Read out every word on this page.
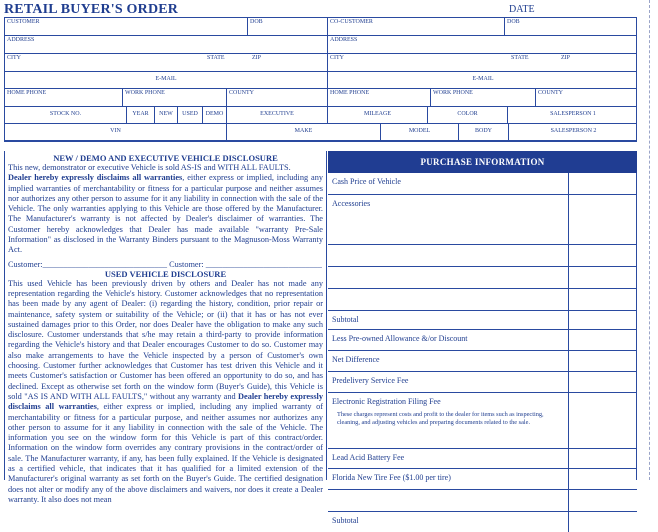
RETAIL BUYER'S ORDER	DATE
CUSTOMER	DOB	CO-CUSTOMER	DOB
ADDRESS	ADDRESS
CITY	STATE	ZIP	CITY	STATE	ZIP
E-MAIL	E-MAIL
HOME PHONE	WORK PHONE	COUNTY	HOME PHONE	WORK PHONE	COUNTY
STOCK NO.	YEAR	NEW	USED	DEMO	EXECUTIVE	MILEAGE	COLOR	SALESPERSON 1
VIN	MAKE	MODEL	BODY	SALESPERSON 2
NEW / DEMO AND EXECUTIVE VEHICLE DISCLOSURE
This new, demonstrator or executive Vehicle is sold AS-IS and WITH ALL FAULTS.
Dealer hereby expressly disclaims all warranties, either express or implied, including any implied warranties of merchantability or fitness for a particular purpose and neither assumes nor authorizes any other person to assume for it any liability in connection with the sale of the Vehicle. The only warranties applying to this Vehicle are those offered by the Manufacturer. The Manufacturer's warranty is not affected by Dealer's disclaimer of warranties. The Customer hereby acknowledges that Dealer has made available "warranty Pre-Sale Information" as disclosed in the Warranty Binders pursuant to the Magnuson-Moss Warranty Act.
Customer:______________________________ Customer: ____________________________
USED VEHICLE DISCLOSURE
This used Vehicle has been previously driven by others and Dealer has not made any representation regarding the Vehicle's history. Customer acknowledges that no representation has been made by any agent of Dealer: (i) regarding the history, condition, prior repair or maintenance, safety system or suitability of the Vehicle; or (ii) that it has or has not ever sustained damages prior to this Order, nor does Dealer have the obligation to make any such disclosure. Customer understands that s/he may retain a third-party to provide information regarding the Vehicle's history and that Dealer encourages Customer to do so. Customer may also make arrangements to have the Vehicle inspected by a person of Customer's own choosing. Customer further acknowledges that Customer has test driven this Vehicle and it meets Customer's satisfaction or Customer has been offered an opportunity to do so, and has declined. Except as otherwise set forth on the window form (Buyer's Guide), this Vehicle is sold "AS IS AND WITH ALL FAULTS," without any warranty and Dealer hereby expressly disclaims all warranties, either express or implied, including any implied warranty of merchantability or fitness for a particular purpose, and neither assumes nor authorizes any other person to assume for it any liability in connection with the sale of the Vehicle. The information you see on the window form for this Vehicle is part of this contract/order. Information on the window form overrides any contrary provisions in the contract/order of sale. The Manufacturer warranty, if any, has been fully explained. If the Vehicle is designated as a certified vehicle, that indicates that it has qualified for a limited extension of the Manufacturer's original warranty as set forth on the Buyer's Guide. The certified designation does not alter or modify any of the above disclaimers and waivers, nor does it create a Dealer warranty. It also does not mean
PURCHASE INFORMATION
Cash Price of Vehicle
Accessories
Subtotal
Less Pre-owned Allowance &/or Discount
Net Difference
Predelivery Service Fee
Electronic Registration Filing Fee
These charges represent costs and profit to the dealer for items such as inspecting, cleaning, and adjusting vehicles and preparing documents related to the sale.
Lead Acid Battery Fee
Florida New Tire Fee ($1.00 per tire)
Subtotal
